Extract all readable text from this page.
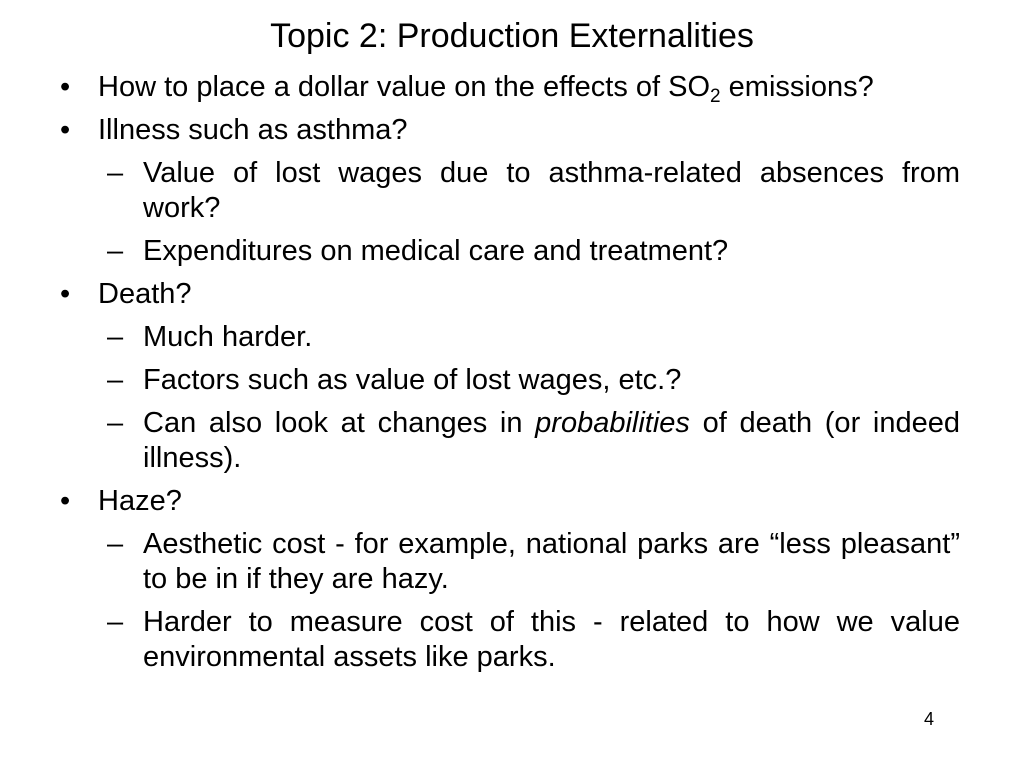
Topic 2: Production Externalities
• How to place a dollar value on the effects of $SO_2$ emissions?
• Illness such as asthma?
– Value of lost wages due to asthma-related absences from work?
– Expenditures on medical care and treatment?
• Death?
– Much harder.
– Factors such as value of lost wages, etc.?
– Can also look at changes in probabilities of death (or indeed illness).
• Haze?
– Aesthetic cost - for example, national parks are “less pleasant” to be in if they are hazy.
– Harder to measure cost of this - related to how we value environmental assets like parks.
4
